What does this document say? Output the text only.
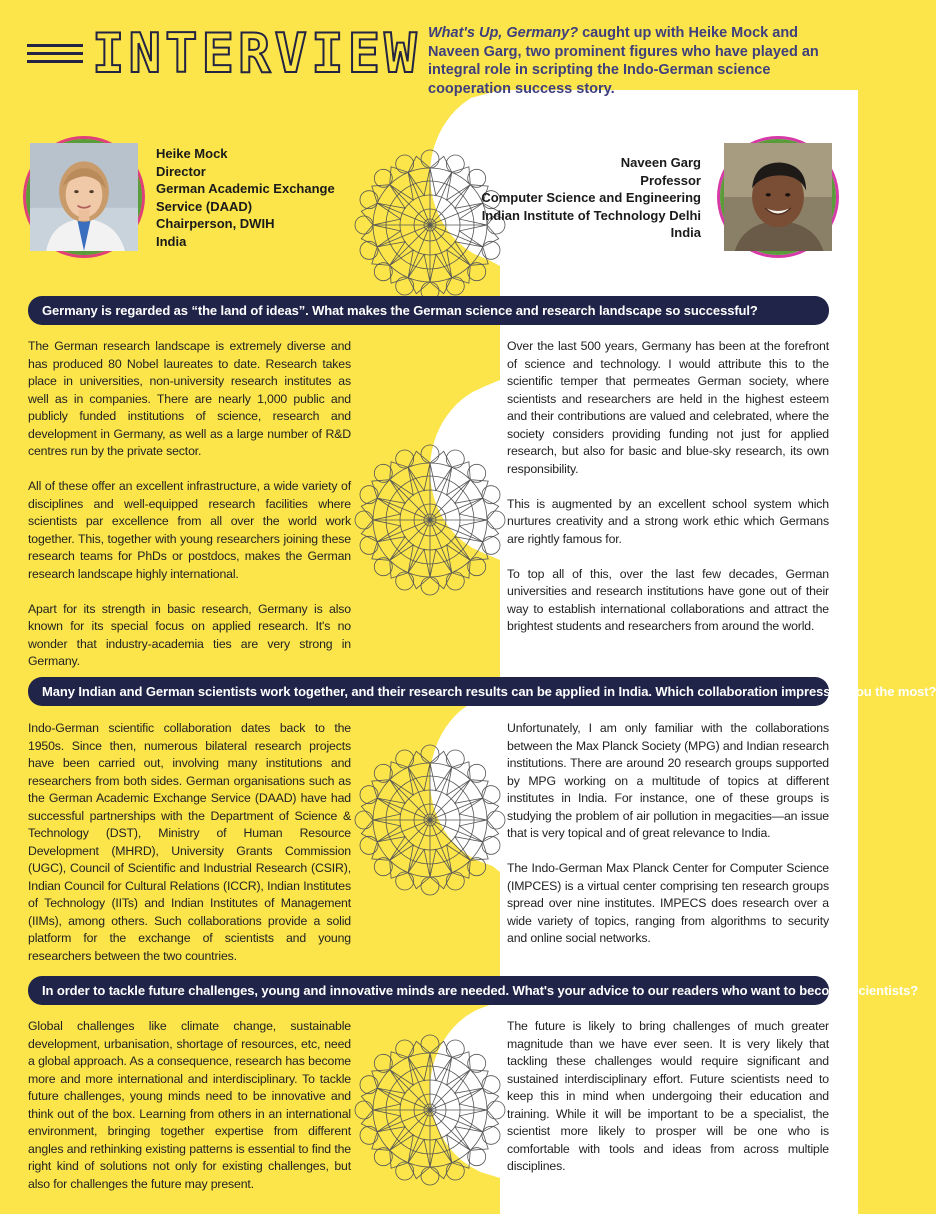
INTERVIEW What's Up, Germany? caught up with Heike Mock and Naveen Garg, two prominent figures who have played an integral role in scripting the Indo-German science cooperation success story.
Heike Mock
Director
German Academic Exchange
Service (DAAD)
Chairperson, DWIH
India
Naveen Garg
Professor
Computer Science and Engineering
Indian Institute of Technology Delhi
India
Germany is regarded as “the land of ideas”. What makes the German science and research landscape so successful?

The German research landscape is extremely diverse and has produced 80 Nobel laureates to date. Research takes place in universities, non-university research institutes as well as in companies. There are nearly 1,000 public and publicly funded institutions of science, research and development in Germany, as well as a large number of R&D centres run by the private sector.

All of these offer an excellent infrastructure, a wide variety of disciplines and well-equipped research facilities where scientists par excellence from all over the world work together. This, together with young researchers joining these research teams for PhDs or postdocs, makes the German research landscape highly international.

Apart for its strength in basic research, Germany is also known for its special focus on applied research. It's no wonder that industry-academia ties are very strong in Germany.

Over the last 500 years, Germany has been at the forefront of science and technology. I would attribute this to the scientific temper that permeates German society, where scientists and researchers are held in the highest esteem and their contributions are valued and celebrated, where the society considers providing funding not just for applied research, but also for basic and blue-sky research, its own responsibility.

This is augmented by an excellent school system which nurtures creativity and a strong work ethic which Germans are rightly famous for.

To top all of this, over the last few decades, German universities and research institutions have gone out of their way to establish international collaborations and attract the brightest students and researchers from around the world.

Many Indian and German scientists work together, and their research results can be applied in India. Which collaboration impressed you the most?

Indo-German scientific collaboration dates back to the 1950s. Since then, numerous bilateral research projects have been carried out, involving many institutions and researchers from both sides. German organisations such as the German Academic Exchange Service (DAAD) have had successful partnerships with the Department of Science & Technology (DST), Ministry of Human Resource Development (MHRD), University Grants Commission (UGC), Council of Scientific and Industrial Research (CSIR), Indian Council for Cultural Relations (ICCR), Indian Institutes of Technology (IITs) and Indian Institutes of Management (IIMs), among others. Such collaborations provide a solid platform for the exchange of scientists and young researchers between the two countries.

Unfortunately, I am only familiar with the collaborations between the Max Planck Society (MPG) and Indian research institutions. There are around 20 research groups supported by MPG working on a multitude of topics at different institutes in India. For instance, one of these groups is studying the problem of air pollution in megacities—an issue that is very topical and of great relevance to India.

The Indo-German Max Planck Center for Computer Science (IMPCES) is a virtual center comprising ten research groups spread over nine institutes. IMPECS does research over a wide variety of topics, ranging from algorithms to security and online social networks.

In order to tackle future challenges, young and innovative minds are needed. What's your advice to our readers who want to become scientists?

Global challenges like climate change, sustainable development, urbanisation, shortage of resources, etc, need a global approach. As a consequence, research has become more and more international and interdisciplinary. To tackle future challenges, young minds need to be innovative and think out of the box. Learning from others in an international environment, bringing together expertise from different angles and rethinking existing patterns is essential to find the right kind of solutions not only for existing challenges, but also for challenges the future may present.

The future is likely to bring challenges of much greater magnitude than we have ever seen. It is very likely that tackling these challenges would require significant and sustained interdisciplinary effort. Future scientists need to keep this in mind when undergoing their education and training. While it will be important to be a specialist, the scientist more likely to prosper will be one who is comfortable with tools and ideas from across multiple disciplines.
